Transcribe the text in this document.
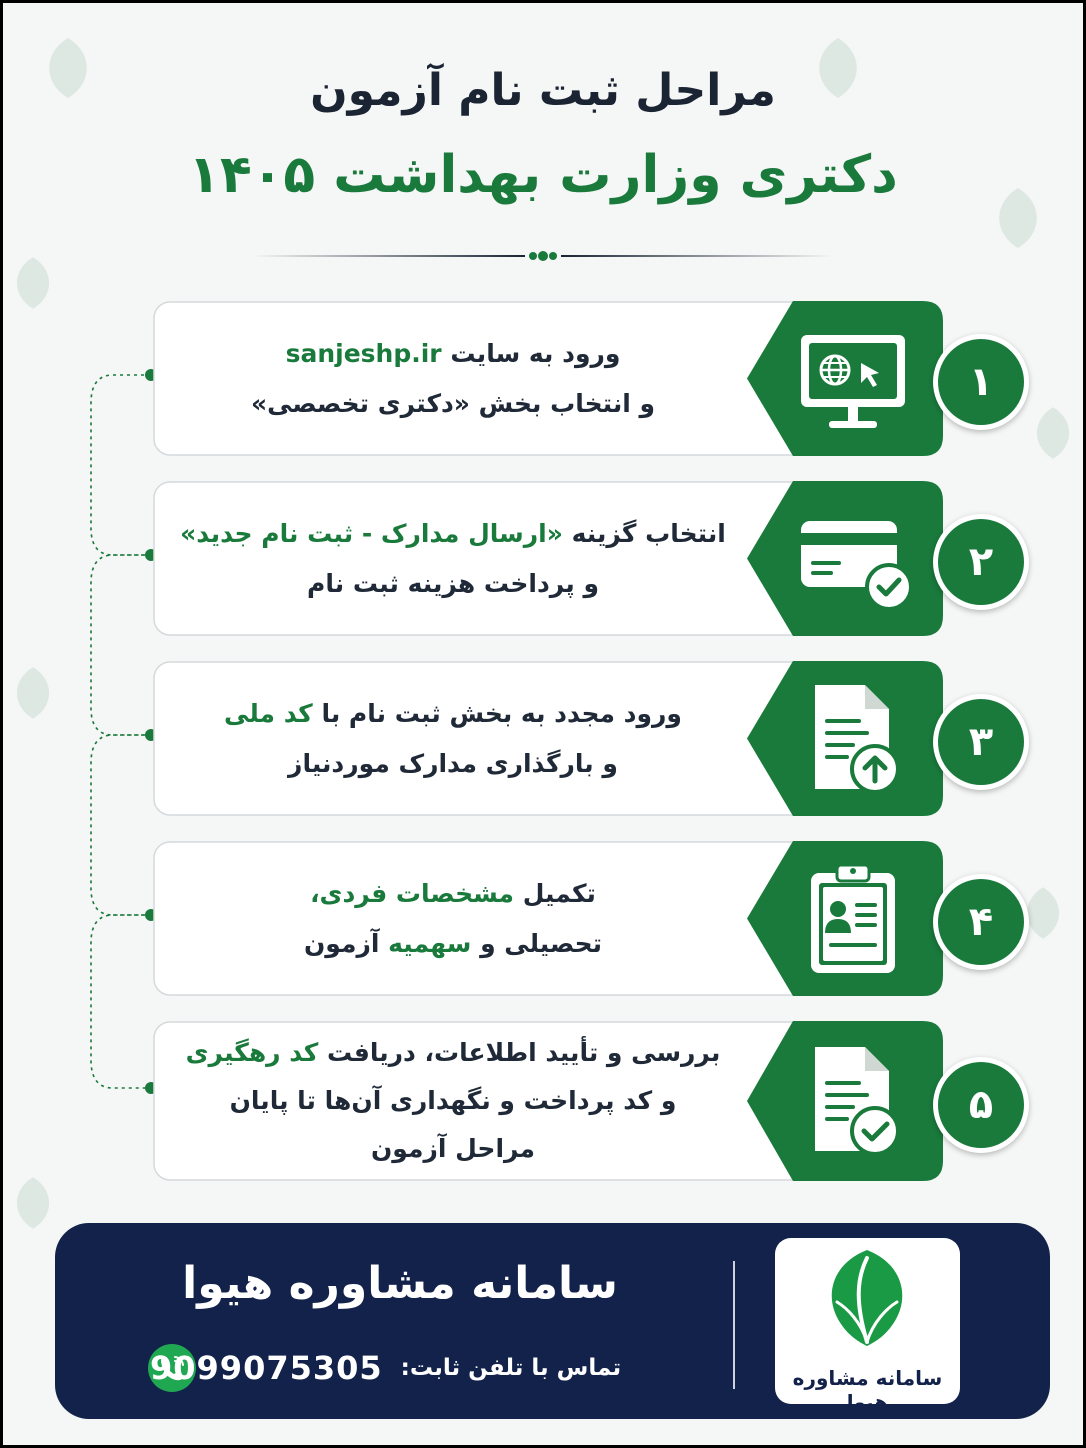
مراحل ثبت نام آزمون
دکتری وزارت بهداشت ۱۴۰۵
۱
ورود به سایت sanjeshp.ir
و انتخاب بخش «دکتری تخصصی»
۲
انتخاب گزینه «ارسال مدارک - ثبت نام جدید»
و پرداخت هزینه ثبت نام
۳
ورود مجدد به بخش ثبت نام با کد ملی
و بارگذاری مدارک موردنیاز
۴
تکمیل مشخصات فردی،
تحصیلی و سهمیه آزمون
۵
بررسی و تأیید اطلاعات، دریافت کد رهگیری
و کد پرداخت و نگهداری آن‌ها تا پایان
مراحل آزمون
سامانه مشاوره هیوا
تماس با تلفن ثابت:
9099075305	سامانه مشاوره هیوا
